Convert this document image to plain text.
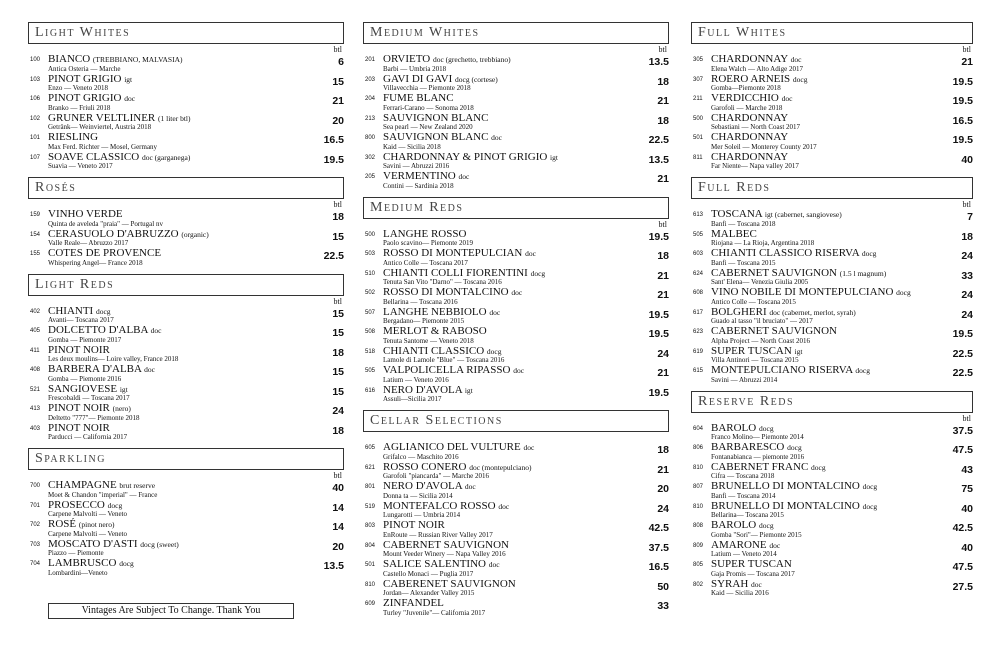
Light Whites
btl
100 BIANCO (TREBBIANO, MALVASIA)
Antica Osteria — Marche
6
103 PINOT GRIGIO igt
Enzo — Veneto 2018
15
106 PINOT GRIGIO doc
Branko — Friuli 2018
21
102 GRUNER VELTLINER (1 liter btl)
Getränk— Weinviertel, Austria 2018
20
101 RIESLING
Max Ferd. Richter — Mosel, Germany
16.5
107 SOAVE CLASSICO doc (garganega)
Suavia — Veneto 2017
19.5
Rosés
btl
159 VINHO VERDE
Quinta de aveleda "praia" — Portugal nv
18
154 CERASUOLO D'ABRUZZO (organic)
Valle Reale— Abruzzo 2017
15
155 COTES DE PROVENCE
Whispering Angel— France 2018
22.5
Light Reds
btl
402 CHIANTI docg
Avanti— Toscana 2017
15
405 DOLCETTO D'ALBA doc
Gomba — Piemonte 2017
15
411 PINOT NOIR
Les deux moulins— Loire valley, France 2018
18
408 BARBERA D'ALBA doc
Gomba — Piemonte 2016
15
521 SANGIOVESE igt
Frescobaldi — Toscana 2017
15
413 PINOT NOIR (nero)
Deltetto "777"— Piemonte 2018
24
403 PINOT NOIR
Parducci — California 2017
18
Sparkling
btl
700 CHAMPAGNE brut reserve
Moet & Chandon "imperial" — France
40
701 PROSECCO docg
Carpene Malvolti — Veneto
14
702 ROSÉ (pinot nero)
Carpene Malvolti — Veneto
14
703 MOSCATO D'ASTI docg (sweet)
Piazzo — Piemonte
20
704 LAMBRUSCO docg
Lombardini—Veneto
13.5
Medium Whites
btl
201 ORVIETO doc (grechetto, trebbiano)
Barbi — Umbria 2018
13.5
203 GAVI DI GAVI docg (cortese)
Villavecchia — Piemonte 2018
18
204 FUME BLANC
Ferrari-Carano — Sonoma 2018
21
213 SAUVIGNON BLANC
Sea pearl — New Zealand 2020
18
800 SAUVIGNON BLANC doc
Kaid — Sicilia 2018
22.5
302 CHARDONNAY & PINOT GRIGIO igt
Savini — Abruzzi 2016
13.5
205 VERMENTINO doc
Contini — Sardinia 2018
21
Medium Reds
btl
500 LANGHE ROSSO
Paolo scavino— Piemonte 2019
19.5
503 ROSSO DI MONTEPULCIAN doc
Antico Colle — Toscana 2017
18
510 CHIANTI COLLI FIORENTINI docg
Tenuta San Vito "Darno" — Toscana 2016
21
502 ROSSO DI MONTALCINO doc
Bellarina — Toscana 2016
21
507 LANGHE NEBBIOLO doc
Bergadano— Piemonte 2015
19.5
508 MERLOT & RABOSO
Tenuta Santome — Veneto 2018
19.5
518 CHIANTI CLASSICO docg
Lamole di Lamole "Blue" — Toscana 2016
24
505 VALPOLICELLA RIPASSO doc
Latium — Veneto 2016
21
616 NERO D'AVOLA igt
Assuli—Sicilia 2017
19.5
Cellar Selections
605 AGLIANICO DEL VULTURE doc
Grifalco — Maschito 2016
18
621 ROSSO CONERO doc (montepulciano)
Garofoli "piancarda" — Marche 2016
21
801 NERO D'AVOLA doc
Donna ta — Sicilia 2014
20
519 MONTEFALCO ROSSO doc
Lungarotti — Umbria 2014
24
803 PINOT NOIR
EnRoute — Russian River Valley 2017
42.5
804 CABERNET SAUVIGNON
Mount Veeder Winery — Napa Valley 2016
37.5
501 SALICE SALENTINO doc
Castello Monaci — Puglia 2017
16.5
810 CABERENET SAUVIGNON
Jordan— Alexander Valley 2015
50
609 ZINFANDEL
Turley "Juvenile"— California 2017
33
Full Whites
btl
305 CHARDONNAY doc
Elena Walch — Alto Adige 2017
21
307 ROERO ARNEIS docg
Gomba—Piemonte 2018
19.5
211 VERDICCHIO doc
Garofoli — Marche 2018
19.5
500 CHARDONNAY
Sebastiani — North Coast 2017
16.5
501 CHARDONNAY
Mer Soleil — Monterey County 2017
19.5
811 CHARDONNAY
Far Niente— Napa valley 2017
40
Full Reds
btl
613 TOSCANA igt (cabernet, sangiovese)
Banfi — Toscana 2018
7
505 MALBEC
Riojana — La Rioja, Argentina 2018
18
603 CHIANTI CLASSICO RISERVA docg
Banfi — Toscana 2015
24
624 CABERNET SAUVIGNON (1.5 l magnum)
Sant' Elena— Venezia Giulia 2005
33
608 VINO NOBILE DI MONTEPULCIANO docg
Antico Colle — Toscana 2015
24
617 BOLGHERI doc (cabernet, merlot, syrah)
Guado al tasso "il bruciato" — 2017
24
623 CABERNET SAUVIGNON
Alpha Project — North Coast 2016
19.5
619 SUPER TUSCAN igt
Villa Antinori — Toscana 2015
22.5
615 MONTEPULCIANO RISERVA docg
Savini — Abruzzi 2014
22.5
Reserve Reds
btl
604 BAROLO docg
Franco Molino— Piemonte 2014
37.5
806 BARBARESCO docg
Fontanabianca — piemonte 2016
47.5
810 CABERNET FRANC docg
Cifra — Toscana 2018
43
807 BRUNELLO DI MONTALCINO docg
Banfi — Toscana 2014
75
810 BRUNELLO DI MONTALCINO docg
Bellarina— Toscana 2015
40
808 BAROLO docg
Gomba "Sori"— Piemonte 2015
42.5
809 AMARONE doc
Latium — Veneto 2014
40
805 SUPER TUSCAN
Gaja Promis — Toscana 2017
47.5
802 SYRAH doc
Kaid — Sicilia 2016
27.5
Vintages Are Subject To Change. Thank You
